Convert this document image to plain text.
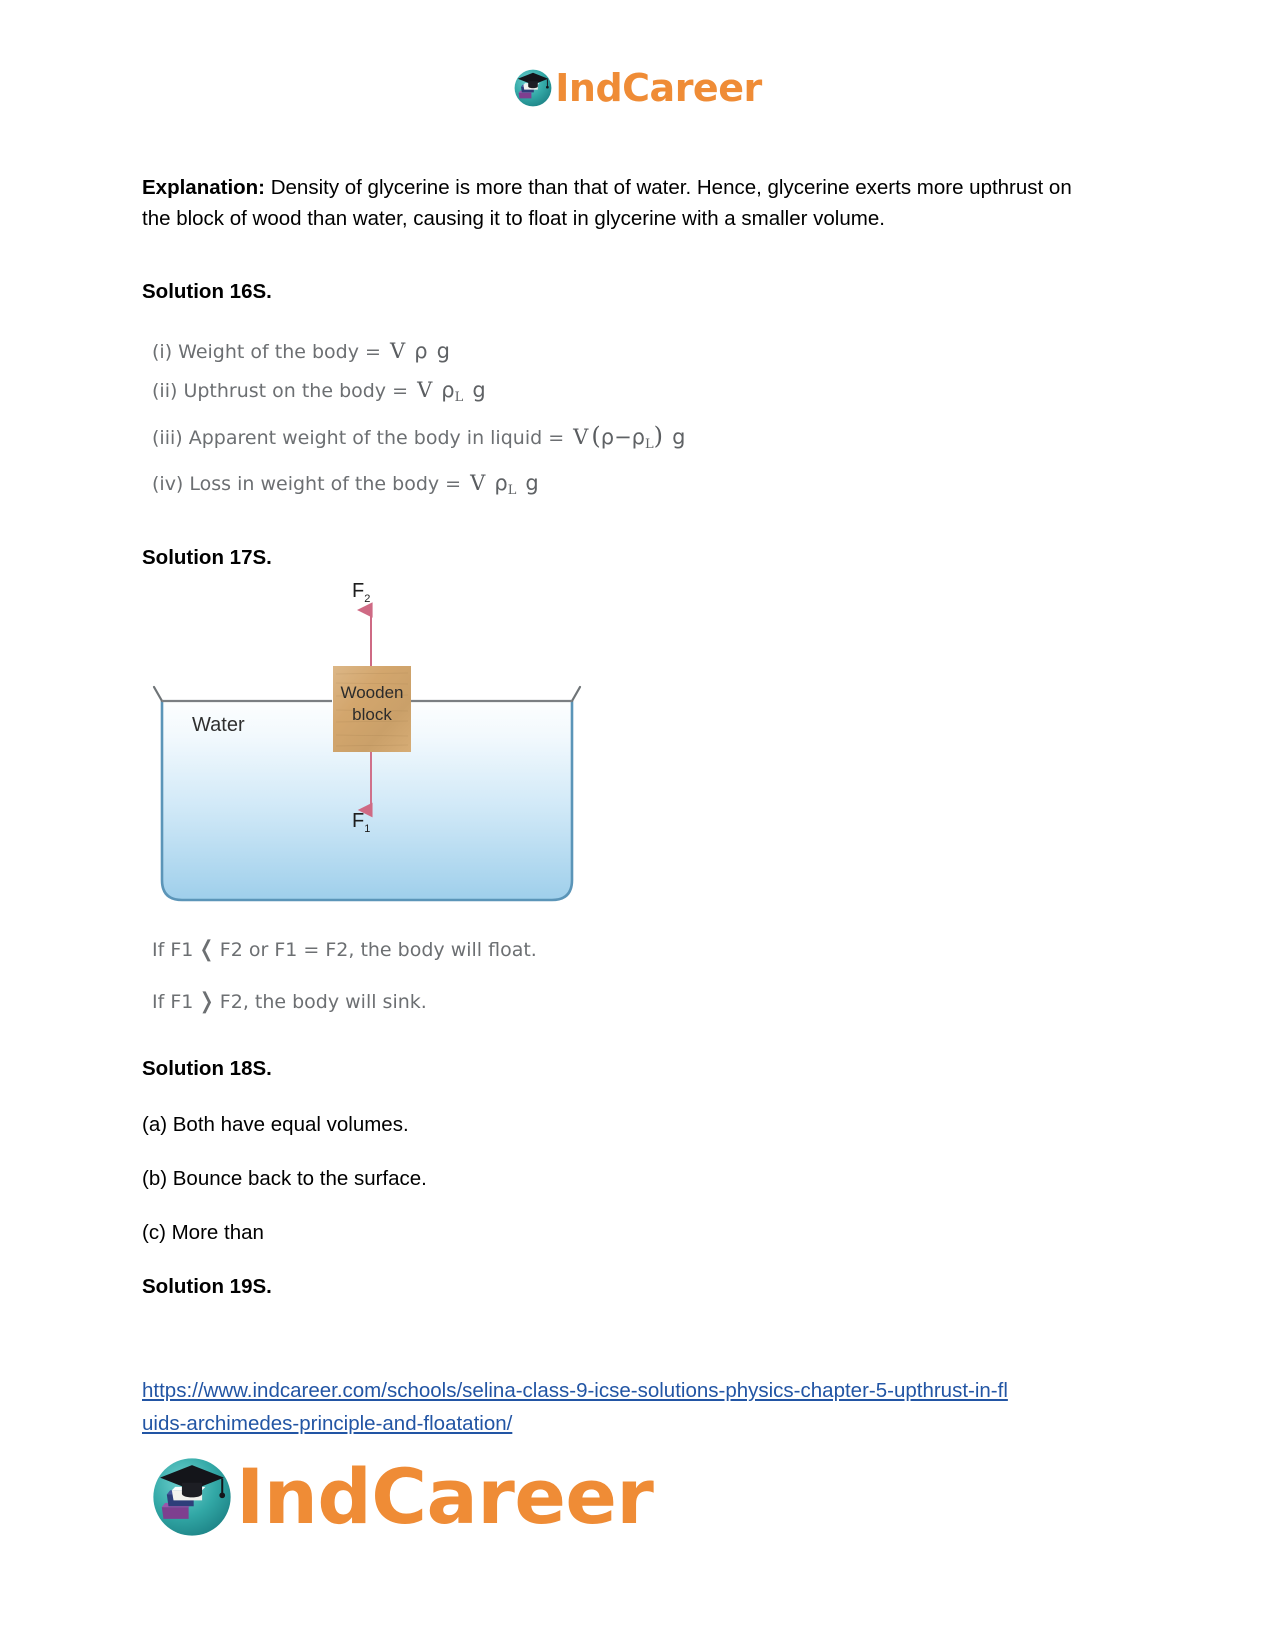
IndCareer

Explanation: Density of glycerine is more than that of water. Hence, glycerine exerts more upthrust on the block of wood than water, causing it to float in glycerine with a smaller volume.

Solution 16S.

(i) Weight of the body = V ρ g
(ii) Upthrust on the body = V $\rho_L$ g
(iii) Apparent weight of the body in liquid = V $(\rho-\rho_L)$ g
(iv) Loss in weight of the body = V $\rho_L$ g

Solution 17S.

$F_2$
$F_1$
Water
Wooden
block

If F1 ❬ F2 or F1 = F2, the body will float.

If F1 ❭ F2, the body will sink.

Solution 18S.

(a) Both have equal volumes.

(b) Bounce back to the surface.

(c) More than

Solution 19S.

https://www.indcareer.com/schools/selina-class-9-icse-solutions-physics-chapter-5-upthrust-in-fl
uids-archimedes-principle-and-floatation/
IndCareer
